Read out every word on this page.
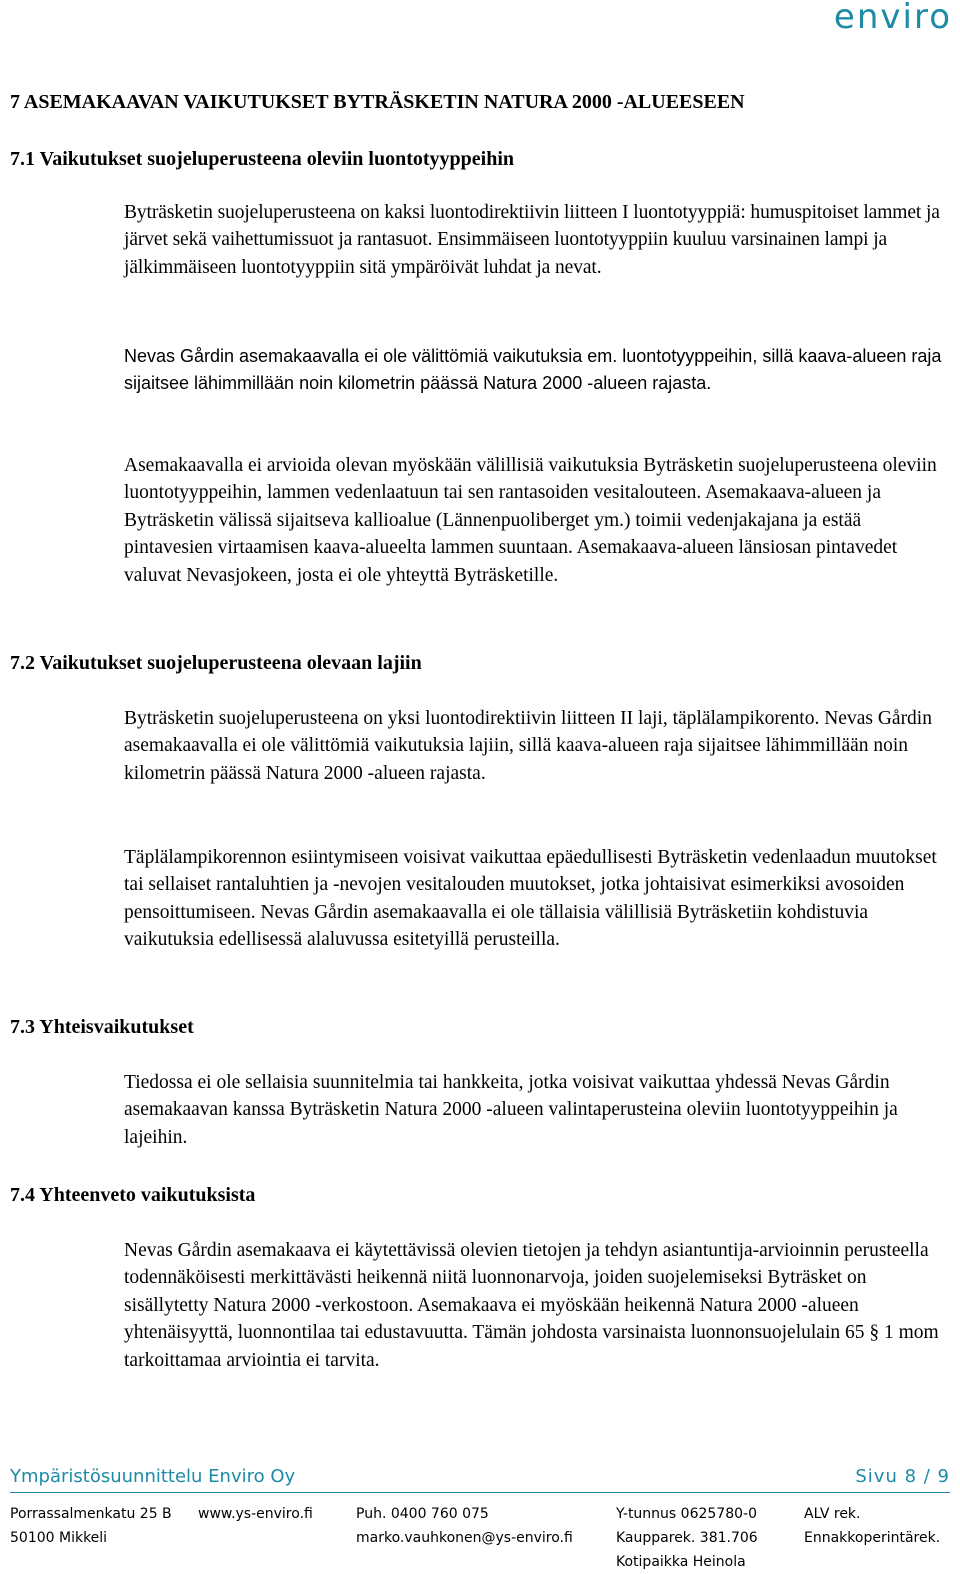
enviro
7 ASEMAKAAVAN VAIKUTUKSET BYTRÄSKETIN NATURA 2000 -ALUEESEEN
7.1 Vaikutukset suojeluperusteena oleviin luontotyyppeihin

Byträsketin suojeluperusteena on kaksi luontodirektiivin liitteen I luontotyyppiä: humuspitoiset lammet ja järvet sekä vaihettumissuot ja rantasuot. Ensimmäiseen luontotyyppiin kuuluu varsinainen lampi ja jälkimmäiseen luontotyyppiin sitä ympäröivät luhdat ja nevat.

Nevas Gårdin asemakaavalla ei ole välittömiä vaikutuksia em. luontotyyppeihin, sillä kaava-alueen raja sijaitsee lähimmillään noin kilometrin päässä Natura 2000 -alueen rajasta.

Asemakaavalla ei arvioida olevan myöskään välillisiä vaikutuksia Byträsketin suojeluperusteena oleviin luontotyyppeihin, lammen vedenlaatuun tai sen rantasoiden vesitalouteen. Asemakaava-alueen ja Byträsketin välissä sijaitseva kallioalue (Lännenpuoliberget ym.) toimii vedenjakajana ja estää pintavesien virtaamisen kaava-alueelta lammen suuntaan. Asemakaava-alueen länsiosan pintavedet valuvat Nevasjokeen, josta ei ole yhteyttä Byträsketille.

7.2 Vaikutukset suojeluperusteena olevaan lajiin

Byträsketin suojeluperusteena on yksi luontodirektiivin liitteen II laji, täplälampikorento. Nevas Gårdin asemakaavalla ei ole välittömiä vaikutuksia lajiin, sillä kaava-alueen raja sijaitsee lähimmillään noin kilometrin päässä Natura 2000 -alueen rajasta.

Täplälampikorennon esiintymiseen voisivat vaikuttaa epäedullisesti Byträsketin vedenlaadun muutokset tai sellaiset rantaluhtien ja -nevojen vesitalouden muutokset, jotka johtaisivat esimerkiksi avosoiden pensoittumiseen. Nevas Gårdin asemakaavalla ei ole tällaisia välillisiä Byträsketiin kohdistuvia vaikutuksia edellisessä alaluvussa esitetyillä perusteilla.

7.3 Yhteisvaikutukset

Tiedossa ei ole sellaisia suunnitelmia tai hankkeita, jotka voisivat vaikuttaa yhdessä Nevas Gårdin asemakaavan kanssa Byträsketin Natura 2000 -alueen valintaperusteina oleviin luontotyyppeihin ja lajeihin.

7.4 Yhteenveto vaikutuksista

Nevas Gårdin asemakaava ei käytettävissä olevien tietojen ja tehdyn asiantuntija-arvioinnin perusteella todennäköisesti merkittävästi heikennä niitä luonnonarvoja, joiden suojelemiseksi Byträsket on sisällytetty Natura 2000 -verkostoon. Asemakaava ei myöskään heikennä Natura 2000 -alueen yhtenäisyyttä, luonnontilaa tai edustavuutta. Tämän johdosta varsinaista luonnonsuojelulain 65 § 1 mom tarkoittamaa arviointia ei tarvita.

Ympäristösuunnittelu Enviro Oy	Sivu 8 / 9
Porrassalmenkatu 25 B
50100 Mikkeli
www.ys-enviro.fi	Puh. 0400 760 075
marko.vauhkonen@ys-enviro.fi
Y-tunnus 0625780-0
Kaupparek. 381.706
Kotipaikka Heinola
ALV rek.
Ennakkoperintärek.
